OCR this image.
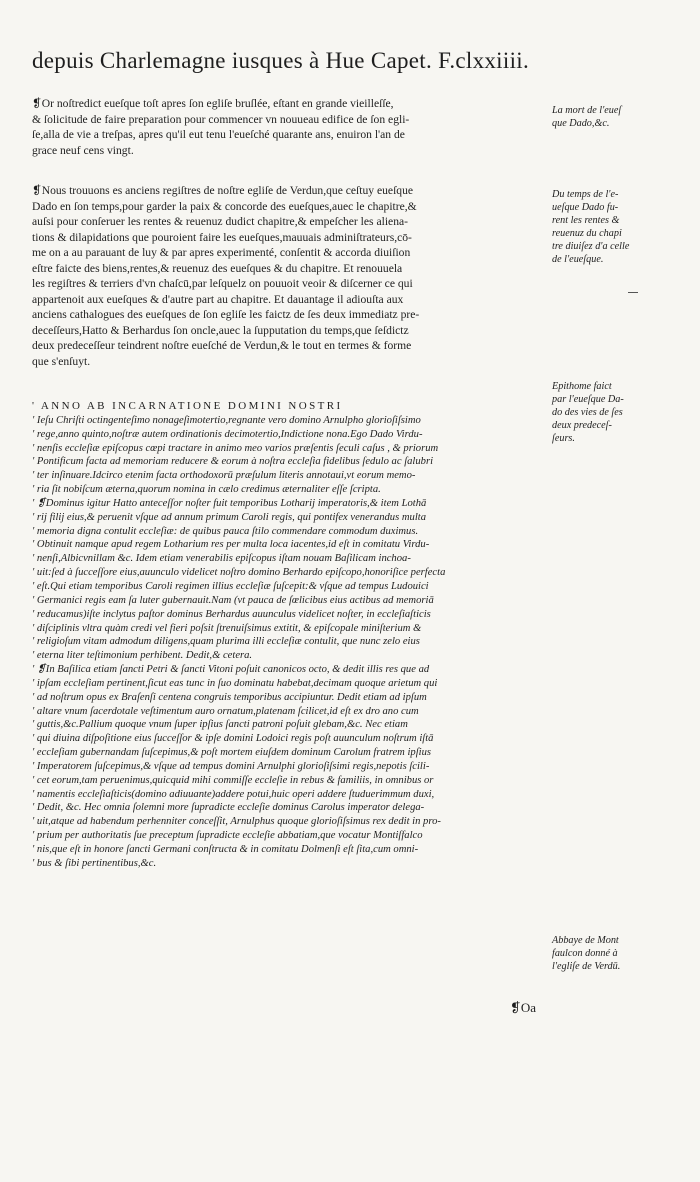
depuis Charlemagne iusques à Hue Capet. F.clxxiiii.
❡Or noſtredict eueſque toſt apres ſon egliſe bruſlée, eſtant en grande vieilleſſe,
& ſolicitude de faire preparation pour commencer vn nouueau edifice de ſon egli-
ſe,alla de vie a treſpas, apres qu'il eut tenu l'eueſché quarante ans, enuiron l'an de
grace neuf cens vingt.
❡Nous trouuons es anciens regiſtres de noſtre egliſe de Verdun,que ceſtuy eueſque
Dado en ſon temps,pour garder la paix & concorde des eueſques,auec le chapitre,&
auſsi pour conſeruer les rentes & reuenuz dudict chapitre,& empeſcher les aliena-
tions & dilapidations que pouroient faire les eueſques,mauuais adminiſtrateurs,cō-
me on a au parauant de luy & par apres experimenté, conſentit & accorda diuiſion
eſtre faicte des biens,rentes,& reuenuz des eueſques & du chapitre. Et renouuela
les regiſtres & terriers d'vn chaſcū,par leſquelz on pouuoit veoir & diſcerner ce qui
appartenoit aux eueſques & d'autre part au chapitre. Et dauantage il adiouſta aux
anciens cathalogues des eueſques de ſon egliſe les faictz de ſes deux immediatz pre-
deceſſeurs,Hatto & Berhardus ſon oncle,auec la ſupputation du temps,que ſeſdictz
deux predeceſſeur teindrent noſtre eueſché de Verdun,& le tout en termes & forme
que s'enſuyt.
' ANNO AB INCARNATIONE DOMINI NOSTRI
' Ieſu Chriſti octingenteſimo nonageſimotertio,regnante vero domino Arnulpho glorioſiſsimo
' rege,anno quinto,noſtræ autem ordinationis decimotertio,Indictione nona.Ego Dado Virdu-
' nenſis eccleſiæ epiſcopus cœpi tractare in animo meo varios præſentis ſeculi caſus , & priorum
' Pontificum facta ad memoriam reducere & eorum à noſtra eccleſia fidelibus ſedulo ac ſalubri
' ter inſinuare.Idcirco etenim facta orthodoxorū præſulum literis annotaui,vt eorum memo-
' ria ſit nobiſcum æterna,quorum nomina in cælo credimus æternaliter eſſe ſcripta.
' ❡Dominus igitur Hatto anteceſſor noſter fuit temporibus Lotharij imperatoris,& item Lothā
' rij filij eius,& peruenit vſque ad annum primum Caroli regis, qui pontifex venerandus multa
' memoria digna contulit eccleſiæ: de quibus pauca ſtilo commendare commodum duximus.
' Obtinuit namque apud regem Lotharium res per multa loca iacentes,id eſt in comitatu Virdu-
' nenſi,Albicvnillam &c. Idem etiam venerabilis epiſcopus iſtam nouam Baſilicam inchoa-
' uit:ſed à ſucceſſore eius,auunculo videlicet noſtro domino Berhardo epiſcopo,honoriſice perfecta
' eſt.Qui etiam temporibus Caroli regimen illius eccleſiæ ſuſcepit:& vſque ad tempus Ludouici
' Germanici regis eam ſa luter gubernauit.Nam (vt pauca de ſœlicibus eius actibus ad memoriā
' reducamus)iſte inclytus paſtor dominus Berhardus auunculus videlicet noſter, in eccleſiaſticis
' diſciplinis vltra quàm credi vel fieri poſsit ſtrenuiſsimus extitit, & epiſcopale miniſterium &
' religioſum vitam admodum diligens,quam plurima illi eccleſiæ contulit, que nunc zelo eius
' eterna liter teſtimonium perhibent. Dedit,& cetera.
' ❡In Baſilica etiam ſancti Petri & ſancti Vitoni poſuit canonicos octo, & dedit illis res que ad
' ipſam eccleſiam pertinent,ſicut eas tunc in ſuo dominatu habebat,decimam quoque arietum qui
' ad noſtrum opus ex Braſenſi centena congruis temporibus accipiuntur. Dedit etiam ad ipſum
' altare vnum ſacerdotale veſtimentum auro ornatum,platenam ſcilicet,id eſt ex dro ano cum
' guttis,&c.Pallium quoque vnum ſuper ipſius ſancti patroni poſuit glebam,&c. Nec etiam
' qui diuina diſpoſitione eius ſucceſſor & ipſe domini Lodoici regis poſt auunculum noſtrum iſtā
' eccleſiam gubernandam ſuſcepimus,& poſt mortem eiuſdem dominum Carolum fratrem ipſius
' Imperatorem ſuſcepimus,& vſque ad tempus domini Arnulphi glorioſiſsimi regis,nepotis ſcili-
' cet eorum,tam peruenimus,quicquid mihi commiſſe eccleſie in rebus & familiis, in omnibus or
' namentis eccleſiaſticis(domino adiuuante)addere potui,huic operi addere ſtuduerimmum duxi,
' Dedit, &c. Hec omnia ſolemni more ſupradicte eccleſie dominus Carolus imperator delega-
' uit,atque ad habendum perhenniter conceſſit, Arnulphus quoque glorioſiſsimus rex dedit in pro-
' prium per authoritatis ſue preceptum ſupradicte eccleſie abbatiam,que vocatur Montiſfalco
' nis,que eſt in honore ſancti Germani conſtructa & in comitatu Dolmenſi eſt ſita,cum omni-
' bus & ſibi pertinentibus,&c.
La mort de l'eueſ
que Dado,&c.
Du temps de l'e-
ueſque Dado fu-
rent les rentes &
reuenuz du chapi
tre diuiſez d'a celle
de l'eueſque.
Epithome faict
par l'eueſque Da-
do des vies de ſes
deux predeceſ-
ſeurs.
Abbaye de Mont
faulcon donné à
l'egliſe de Verdū.
❡Oa
